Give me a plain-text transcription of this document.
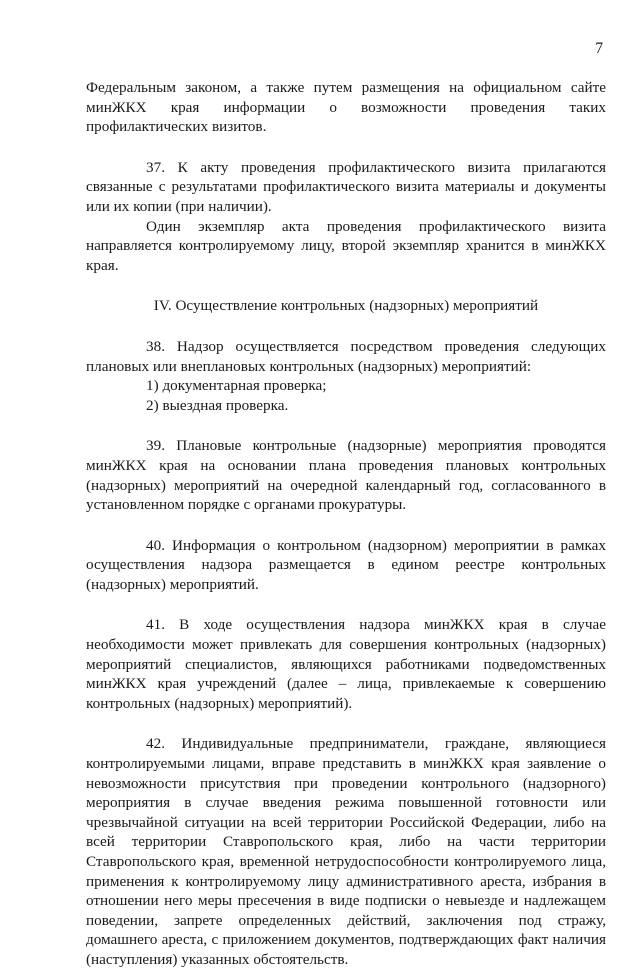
7

Федеральным законом, а также путем размещения на официальном сайте минЖКХ края информации о возможности проведения таких профилактических визитов.

37. К акту проведения профилактического визита прилагаются связанные с результатами профилактического визита материалы и документы или их копии (при наличии).

Один экземпляр акта проведения профилактического визита направляется контролируемому лицу, второй экземпляр хранится в минЖКХ края.

IV. Осуществление контрольных (надзорных) мероприятий

38. Надзор осуществляется посредством проведения следующих плановых или внеплановых контрольных (надзорных) мероприятий:

1) документарная проверка;

2) выездная проверка.

39. Плановые контрольные (надзорные) мероприятия проводятся минЖКХ края на основании плана проведения плановых контрольных (надзорных) мероприятий на очередной календарный год, согласованного в установленном порядке с органами прокуратуры.

40. Информация о контрольном (надзорном) мероприятии в рамках осуществления надзора размещается в едином реестре контрольных (надзорных) мероприятий.

41. В ходе осуществления надзора минЖКХ края в случае необходимости может привлекать для совершения контрольных (надзорных) мероприятий специалистов, являющихся работниками подведомственных минЖКХ края учреждений (далее – лица, привлекаемые к совершению контрольных (надзорных) мероприятий).

42. Индивидуальные предприниматели, граждане, являющиеся контролируемыми лицами, вправе представить в минЖКХ края заявление о невозможности присутствия при проведении контрольного (надзорного) мероприятия в случае введения режима повышенной готовности или чрезвычайной ситуации на всей территории Российской Федерации, либо на всей территории Ставропольского края, либо на части территории Ставропольского края, временной нетрудоспособности контролируемого лица, применения к контролируемому лицу административного ареста, избрания в отношении него меры пресечения в виде подписки о невыезде и надлежащем поведении, запрете определенных действий, заключения под стражу, домашнего ареста, с приложением документов, подтверждающих факт наличия (наступления) указанных обстоятельств.
